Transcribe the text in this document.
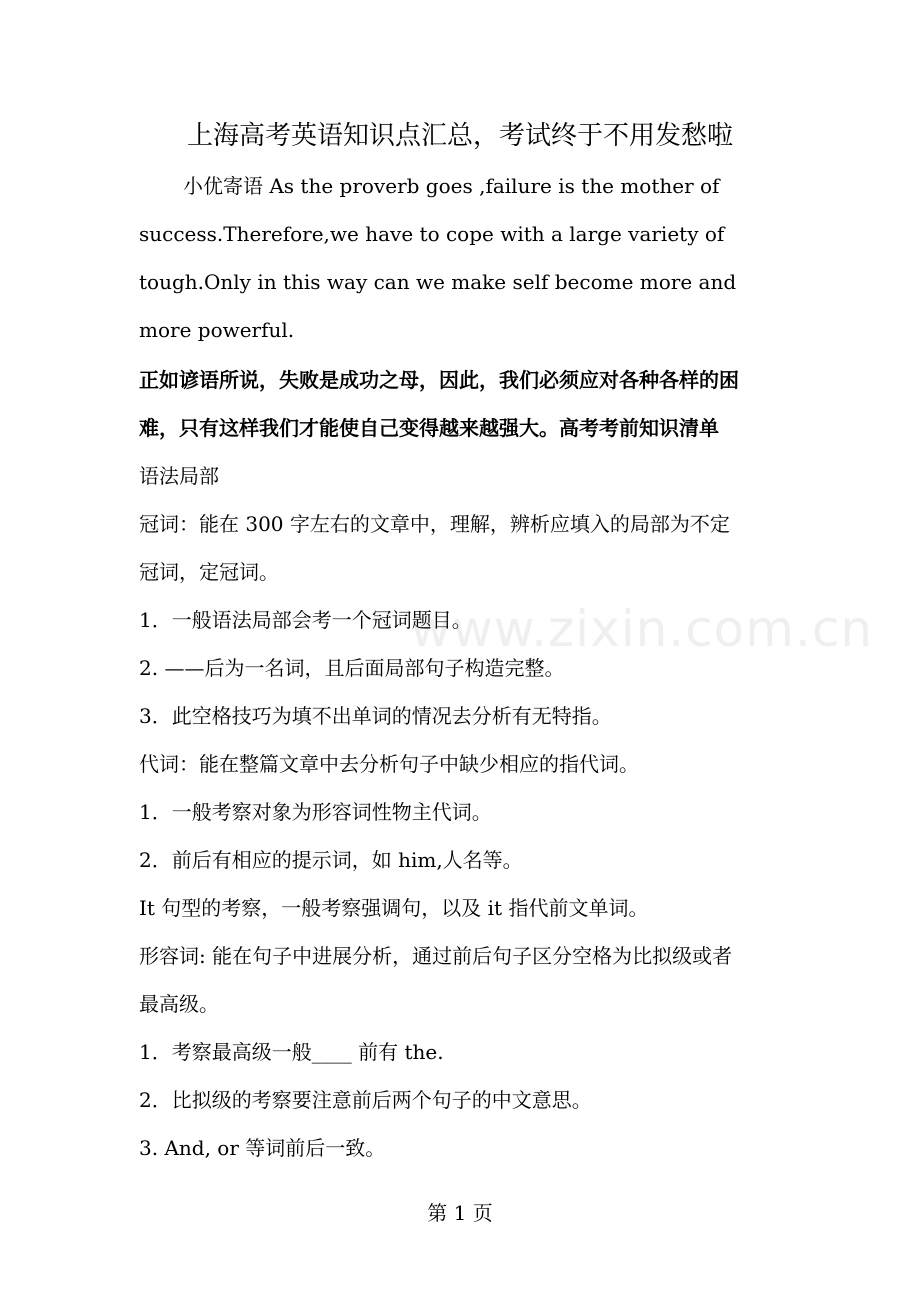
上海高考英语知识点汇总，考试终于不用发愁啦
小优寄语 As the proverb goes ,failure is the mother of
success.Therefore,we have to cope with a large variety of
tough.Only in this way can we make self become more and
more powerful.
正如谚语所说，失败是成功之母，因此，我们必须应对各种各样的困
难，只有这样我们才能使自己变得越来越强大。高考考前知识清单
语法局部
冠词：能在 300 字左右的文章中，理解，辨析应填入的局部为不定
冠词，定冠词。
1．一般语法局部会考一个冠词题目。
2. ——后为一名词，且后面局部句子构造完整。
3．此空格技巧为填不出单词的情况去分析有无特指。
代词：能在整篇文章中去分析句子中缺少相应的指代词。
1．一般考察对象为形容词性物主代词。
2．前后有相应的提示词，如 him,人名等。
It 句型的考察，一般考察强调句，以及 it 指代前文单词。
形容词: 能在句子中进展分析，通过前后句子区分空格为比拟级或者
最高级。
1．考察最高级一般____ 前有 the.
2．比拟级的考察要注意前后两个句子的中文意思。
3. And, or 等词前后一致。
www.zixin.com.cn
第 1 页
